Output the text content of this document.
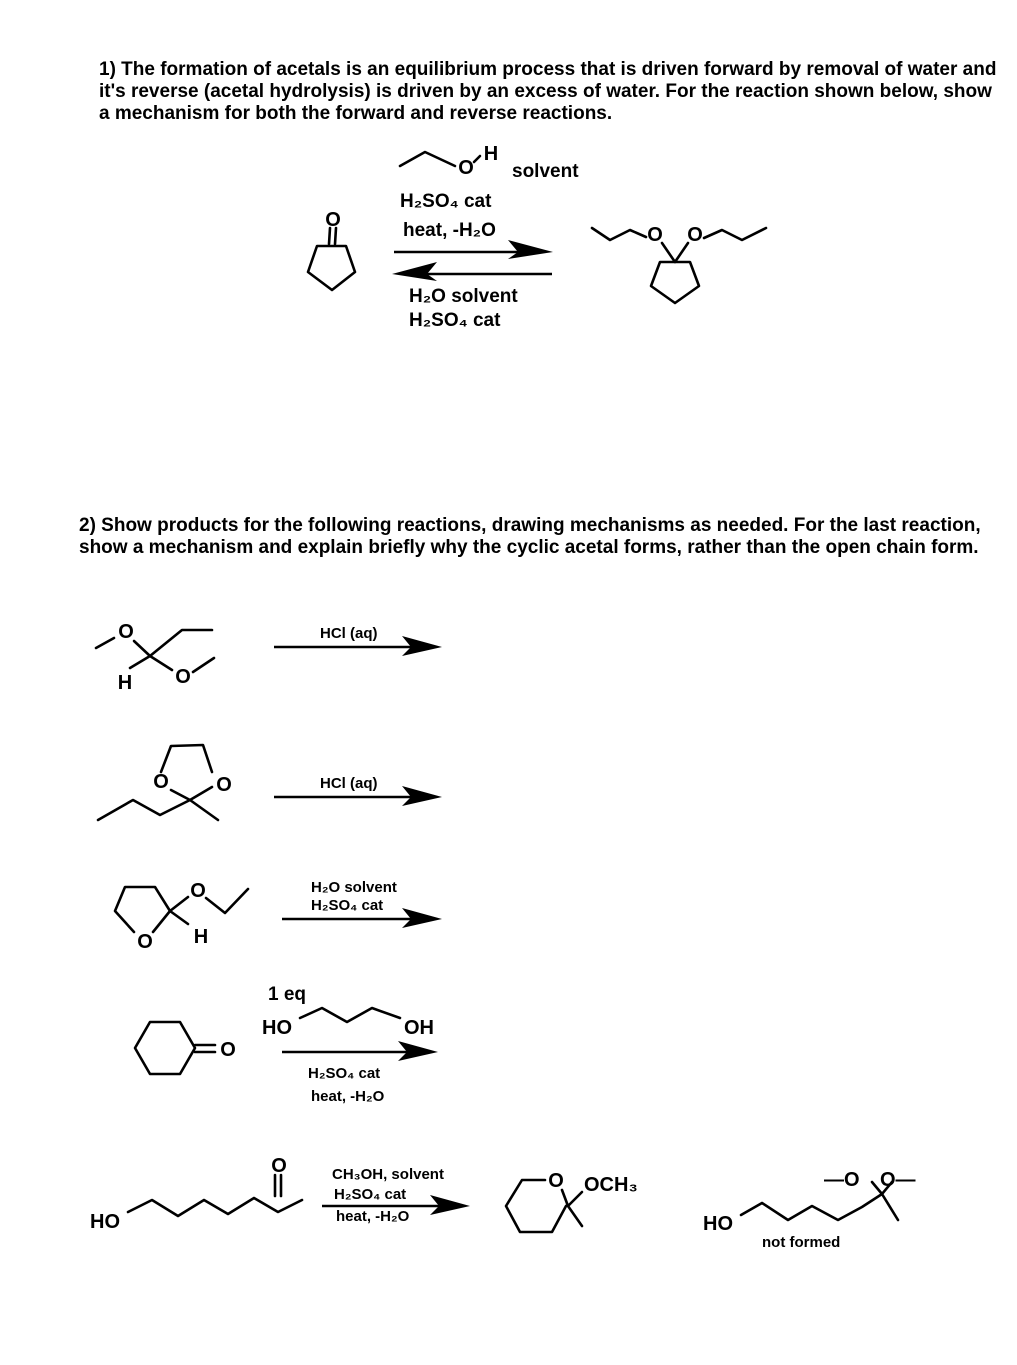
1) The formation of acetals is an equilibrium process that is driven forward by removal of water and it's reverse (acetal hydrolysis) is driven by an excess of water. For the reaction shown below, show a mechanism for both the forward and reverse reactions.

2) Show products for the following reactions, drawing mechanisms as needed. For the last reaction, show a mechanism and explain briefly why the cyclic acetal forms, rather than the open chain form.

O
O
H
solvent
H₂SO₄ cat
heat, -H₂O
H₂O solvent
H₂SO₄ cat
O O
O
H O
HCl (aq)
O O	HCl (aq)
O
O
H
H₂O solvent
H₂SO₄ cat
O
1 eq
HO	OH
H₂SO₄ cat
heat, -H₂O
HO
O	CH₃OH, solvent
H₂SO₄ cat
heat, -H₂O
O OCH₃
HO
—O O—
not formed
